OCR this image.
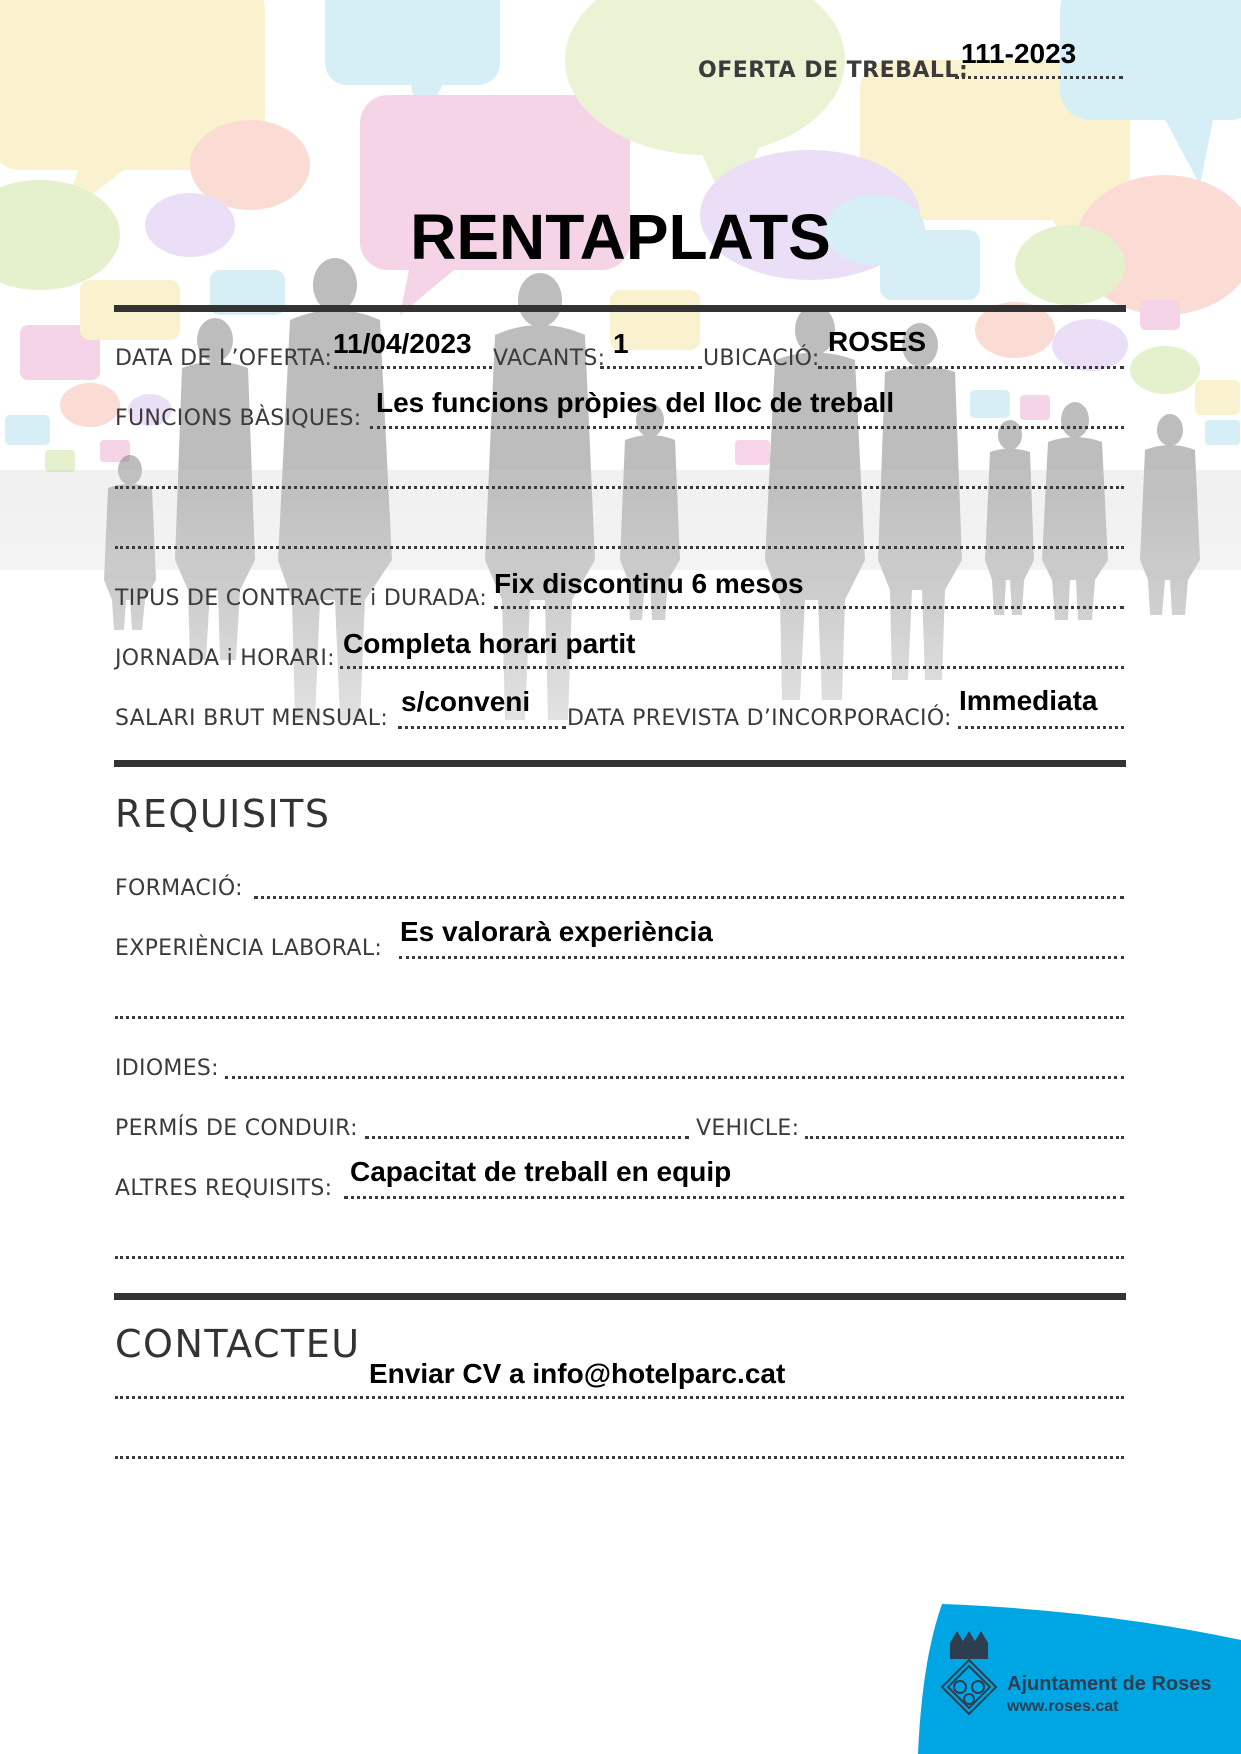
OFERTA DE TREBALL:
111-2023
RENTAPLATS
DATA DE L’OFERTA: 11/04/2023 VACANTS: 1	UBICACIÓ:
ROSES
FUNCIONS BÀSIQUES:
Les funcions pròpies del lloc de treball
TIPUS DE CONTRACTE i DURADA: Fix discontinu 6 mesos
JORNADA i HORARI: Completa horari partit
SALARI BRUT MENSUAL:
s/conveni
DATA PREVISTA D’INCORPORACIÓ:
Immediata
REQUISITS
FORMACIÓ:
EXPERIÈNCIA LABORAL:
Es valorarà experiència
IDIOMES:
PERMÍS DE CONDUIR:	VEHICLE:
ALTRES REQUISITS:
Capacitat de treball en equip
CONTACTEU
Enviar CV a info@hotelparc.cat
Ajuntament de Roses
www.roses.cat
